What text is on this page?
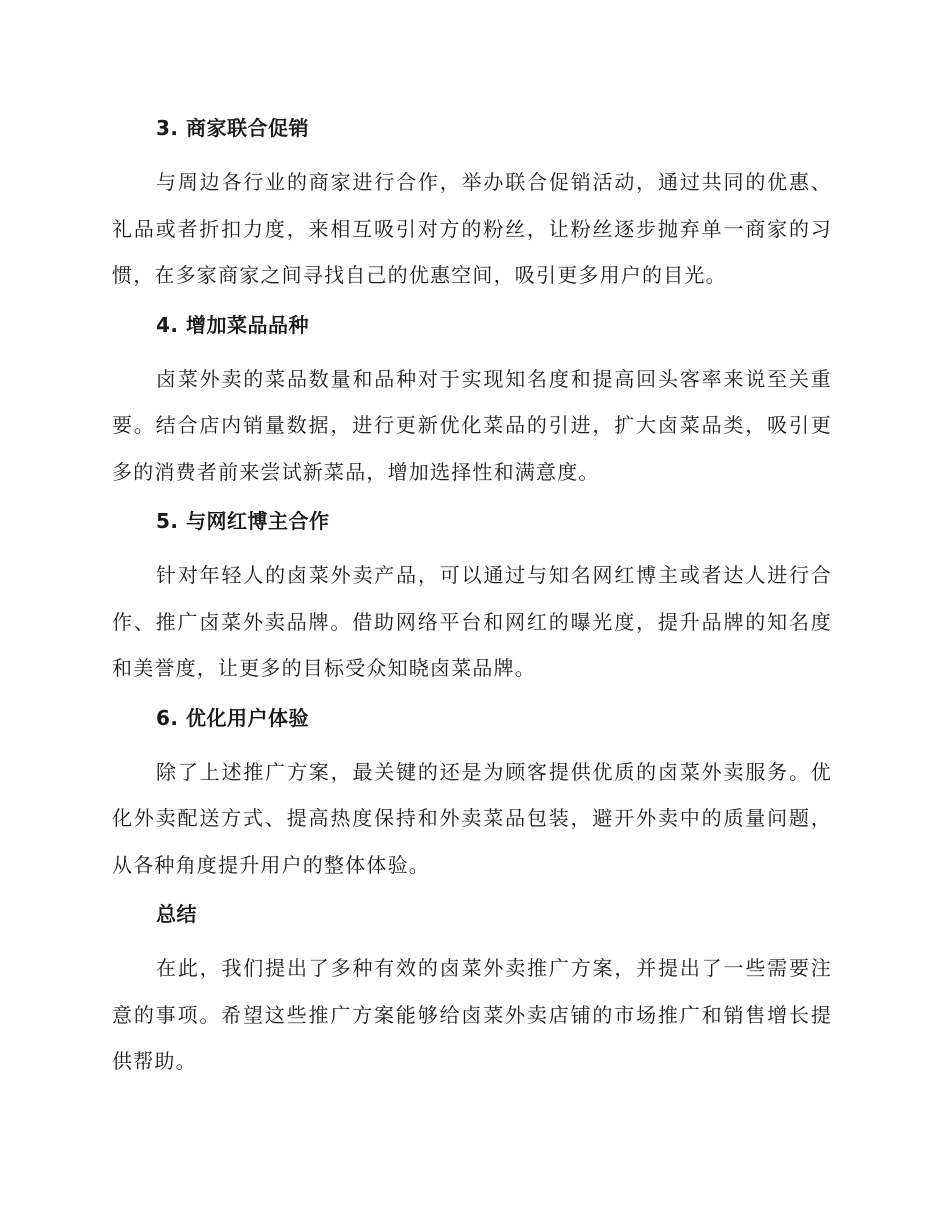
3. 商家联合促销

与周边各行业的商家进行合作，举办联合促销活动，通过共同的优惠、礼品或者折扣力度，来相互吸引对方的粉丝，让粉丝逐步抛弃单一商家的习惯，在多家商家之间寻找自己的优惠空间，吸引更多用户的目光。

4. 增加菜品品种

卤菜外卖的菜品数量和品种对于实现知名度和提高回头客率来说至关重要。结合店内销量数据，进行更新优化菜品的引进，扩大卤菜品类，吸引更多的消费者前来尝试新菜品，增加选择性和满意度。

5. 与网红博主合作

针对年轻人的卤菜外卖产品，可以通过与知名网红博主或者达人进行合作、推广卤菜外卖品牌。借助网络平台和网红的曝光度，提升品牌的知名度和美誉度，让更多的目标受众知晓卤菜品牌。

6. 优化用户体验

除了上述推广方案，最关键的还是为顾客提供优质的卤菜外卖服务。优化外卖配送方式、提高热度保持和外卖菜品包装，避开外卖中的质量问题，从各种角度提升用户的整体体验。

总结

在此，我们提出了多种有效的卤菜外卖推广方案，并提出了一些需要注意的事项。希望这些推广方案能够给卤菜外卖店铺的市场推广和销售增长提供帮助。
